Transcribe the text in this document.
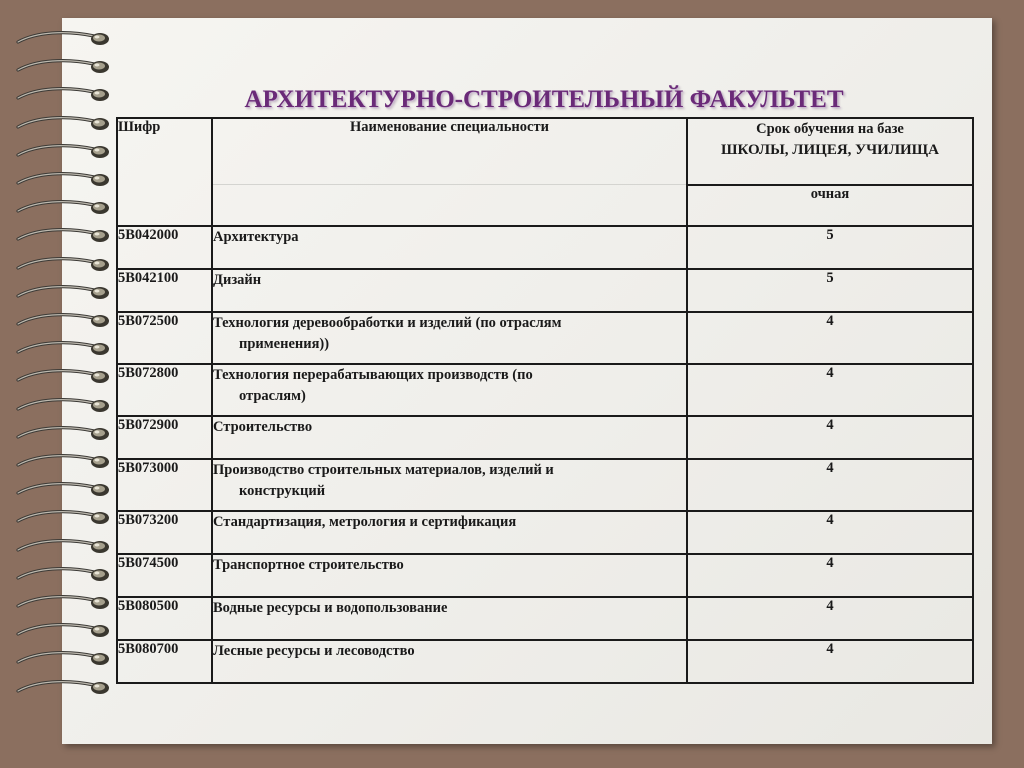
АРХИТЕКТУРНО-СТРОИТЕЛЬНЫЙ ФАКУЛЬТЕТ
Шифр	Наименование специальности	Срок обучения на базе
ШКОЛЫ, ЛИЦЕЯ, УЧИЛИЩА

		очная
5B042000	Архитектура	5
5B042100	Дизайн	5
5B072500	Технология деревообработки и изделий (по отраслям
применения))	4
5B072800	Технология перерабатывающих производств (по
отраслям)	4
5B072900	Строительство	4
5B073000	Производство строительных материалов, изделий и
конструкций	4
5B073200	Стандартизация, метрология и сертификация	4
5B074500	Транспортное строительство	4
5B080500	Водные ресурсы и водопользование	4
5B080700	Лесные ресурсы и лесоводство	4
